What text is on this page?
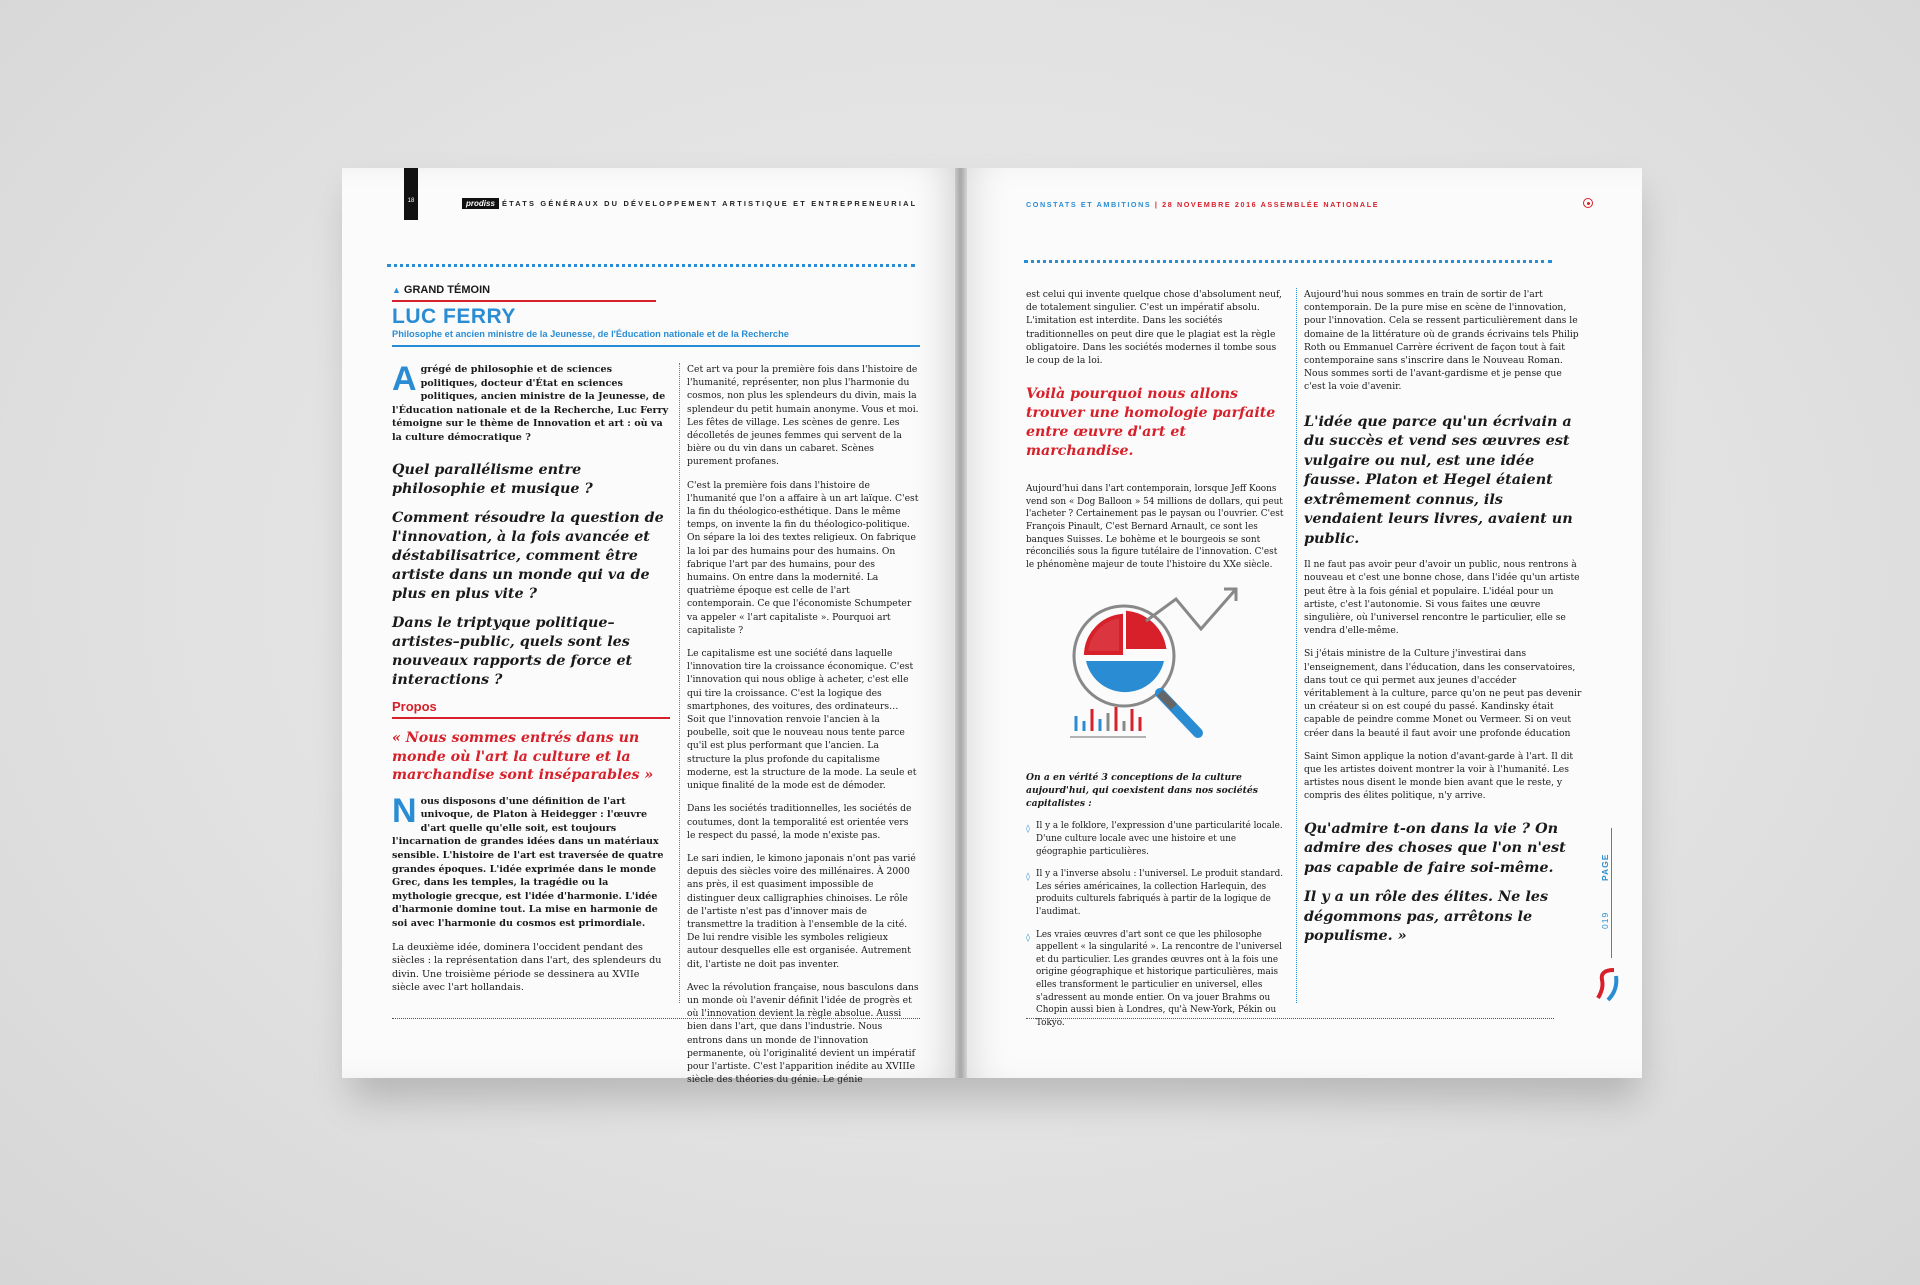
18	prodiss ÉTATS GÉNÉRAUX DU DÉVELOPPEMENT ARTISTIQUE ET ENTREPRENEURIAL
▲ GRAND TÉMOIN
LUC FERRY
Philosophe et ancien ministre de la Jeunesse, de l'Éducation nationale et de la Recherche

Agrégé de philosophie et de sciences politiques, docteur d'État en sciences politiques, ancien ministre de la Jeunesse, de l'Éducation nationale et de la Recherche, Luc Ferry témoigne sur le thème de Innovation et art : où va la culture démocratique ?

Quel parallélisme entre philosophie et musique ?

Comment résoudre la question de l'innovation, à la fois avancée et déstabilisatrice, comment être artiste dans un monde qui va de plus en plus vite ?

Dans le triptyque politique–artistes–public, quels sont les nouveaux rapports de force et interactions ?

Propos

« Nous sommes entrés dans un monde où l'art la culture et la marchandise sont inséparables »

Nous disposons d'une définition de l'art univoque, de Platon à Heidegger : l'œuvre d'art quelle qu'elle soit, est toujours l'incarnation de grandes idées dans un matériaux sensible. L'histoire de l'art est traversée de quatre grandes époques. L'idée exprimée dans le monde Grec, dans les temples, la tragédie ou la mythologie grecque, est l'idée d'harmonie. L'idée d'harmonie domine tout. La mise en harmonie de soi avec l'harmonie du cosmos est primordiale.

La deuxième idée, dominera l'occident pendant des siècles : la représentation dans l'art, des splendeurs du divin. Une troisième période se dessinera au XVIIe siècle avec l'art hollandais.

Cet art va pour la première fois dans l'histoire de l'humanité, représenter, non plus l'harmonie du cosmos, non plus les splendeurs du divin, mais la splendeur du petit humain anonyme. Vous et moi. Les fêtes de village. Les scènes de genre. Les décolletés de jeunes femmes qui servent de la bière ou du vin dans un cabaret. Scènes purement profanes.

C'est la première fois dans l'histoire de l'humanité que l'on a affaire à un art laïque. C'est la fin du théologico-esthétique. Dans le même temps, on invente la fin du théologico-politique. On sépare la loi des textes religieux. On fabrique la loi par des humains pour des humains. On fabrique l'art par des humains, pour des humains. On entre dans la modernité. La quatrième époque est celle de l'art contemporain. Ce que l'économiste Schumpeter va appeler « l'art capitaliste ». Pourquoi art capitaliste ?

Le capitalisme est une société dans laquelle l'innovation tire la croissance économique. C'est l'innovation qui nous oblige à acheter, c'est elle qui tire la croissance. C'est la logique des smartphones, des voitures, des ordinateurs… Soit que l'innovation renvoie l'ancien à la poubelle, soit que le nouveau nous tente parce qu'il est plus performant que l'ancien. La structure la plus profonde du capitalisme moderne, est la structure de la mode. La seule et unique finalité de la mode est de démoder.

Dans les sociétés traditionnelles, les sociétés de coutumes, dont la temporalité est orientée vers le respect du passé, la mode n'existe pas.

Le sari indien, le kimono japonais n'ont pas varié depuis des siècles voire des millénaires. À 2000 ans près, il est quasiment impossible de distinguer deux calligraphies chinoises. Le rôle de l'artiste n'est pas d'innover mais de transmettre la tradition à l'ensemble de la cité. De lui rendre visible les symboles religieux autour desquelles elle est organisée. Autrement dit, l'artiste ne doit pas inventer.

Avec la révolution française, nous basculons dans un monde où l'avenir définit l'idée de progrès et où l'innovation devient la règle absolue. Aussi bien dans l'art, que dans l'industrie. Nous entrons dans un monde de l'innovation permanente, où l'originalité devient un impératif pour l'artiste. C'est l'apparition inédite au XVIIIe siècle des théories du génie. Le génie

CONSTATS ET AMBITIONS | 28 NOVEMBRE 2016 ASSEMBLÉE NATIONALE

est celui qui invente quelque chose d'absolument neuf, de totalement singulier. C'est un impératif absolu. L'imitation est interdite. Dans les sociétés traditionnelles on peut dire que le plagiat est la règle obligatoire. Dans les sociétés modernes il tombe sous le coup de la loi.

Voilà pourquoi nous allons trouver une homologie parfaite entre œuvre d'art et marchandise.

Aujourd'hui dans l'art contemporain, lorsque Jeff Koons vend son « Dog Balloon » 54 millions de dollars, qui peut l'acheter ? Certainement pas le paysan ou l'ouvrier. C'est François Pinault, C'est Bernard Arnault, ce sont les banques Suisses. Le bohème et le bourgeois se sont réconciliés sous la figure tutélaire de l'innovation. C'est le phénomène majeur de toute l'histoire du XXe siècle.

On a en vérité 3 conceptions de la culture aujourd'hui, qui coexistent dans nos sociétés capitalistes :

◊ Il y a le folklore, l'expression d'une particularité locale. D'une culture locale avec une histoire et une géographie particulières.

◊ Il y a l'inverse absolu : l'universel. Le produit standard. Les séries américaines, la collection Harlequin, des produits culturels fabriqués à partir de la logique de l'audimat.

◊ Les vraies œuvres d'art sont ce que les philosophe appellent « la singularité ». La rencontre de l'universel et du particulier. Les grandes œuvres ont à la fois une origine géographique et historique particulières, mais elles transforment le particulier en universel, elles s'adressent au monde entier. On va jouer Brahms ou Chopin aussi bien à Londres, qu'à New-York, Pékin ou Tokyo.

Aujourd'hui nous sommes en train de sortir de l'art contemporain. De la pure mise en scène de l'innovation, pour l'innovation. Cela se ressent particulièrement dans le domaine de la littérature où de grands écrivains tels Philip Roth ou Emmanuel Carrère écrivent de façon tout à fait contemporaine sans s'inscrire dans le Nouveau Roman. Nous sommes sorti de l'avant-gardisme et je pense que c'est la voie d'avenir.

L'idée que parce qu'un écrivain a du succès et vend ses œuvres est vulgaire ou nul, est une idée fausse. Platon et Hegel étaient extrêmement connus, ils vendaient leurs livres, avaient un public.

Il ne faut pas avoir peur d'avoir un public, nous rentrons à nouveau et c'est une bonne chose, dans l'idée qu'un artiste peut être à la fois génial et populaire. L'idéal pour un artiste, c'est l'autonomie. Si vous faites une œuvre singulière, où l'universel rencontre le particulier, elle se vendra d'elle-même.

Si j'étais ministre de la Culture j'investirai dans l'enseignement, dans l'éducation, dans les conservatoires, dans tout ce qui permet aux jeunes d'accéder véritablement à la culture, parce qu'on ne peut pas devenir un créateur si on est coupé du passé. Kandinsky était capable de peindre comme Monet ou Vermeer. Si on veut créer dans la beauté il faut avoir une profonde éducation

Saint Simon applique la notion d'avant-garde à l'art. Il dit que les artistes doivent montrer la voir à l'humanité. Les artistes nous disent le monde bien avant que le reste, y compris des élites politique, n'y arrive.

Qu'admire t-on dans la vie ? On admire des choses que l'on n'est pas capable de faire soi-même.

Il y a un rôle des élites. Ne les dégommons pas, arrêtons le populisme. »

PAGE
019
